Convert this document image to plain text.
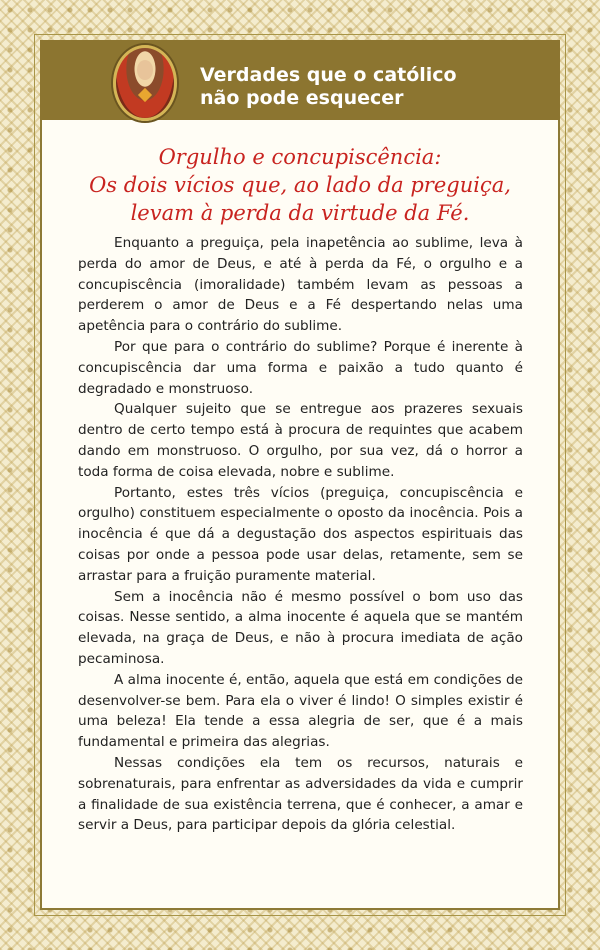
Verdades que o católico
não pode esquecer
Orgulho e concupiscência:
Os dois vícios que, ao lado da preguiça,
levam à perda da virtude da Fé.

Enquanto a preguiça, pela inapetência ao sublime, leva à perda do amor de Deus, e até à perda da Fé, o orgulho e a concupiscência (imoralidade) também levam as pessoas a perderem o amor de Deus e a Fé despertando nelas uma apetência para o contrário do sublime.

Por que para o contrário do sublime? Porque é inerente à concupiscência dar uma forma e paixão a tudo quanto é degradado e monstruoso.

Qualquer sujeito que se entregue aos prazeres sexuais dentro de certo tempo está à procura de requintes que acabem dando em monstruoso. O orgulho, por sua vez, dá o horror a toda forma de coisa elevada, nobre e sublime.

Portanto, estes três vícios (preguiça, concupiscência e orgulho) constituem especialmente o oposto da inocência. Pois a inocência é que dá a degustação dos aspectos espirituais das coisas por onde a pessoa pode usar delas, retamente, sem se arrastar para a fruição puramente material.

Sem a inocência não é mesmo possível o bom uso das coisas. Nesse sentido, a alma inocente é aquela que se mantém elevada, na graça de Deus, e não à procura imediata de ação pecaminosa.

A alma inocente é, então, aquela que está em condições de desenvolver-se bem. Para ela o viver é lindo! O simples existir é uma beleza! Ela tende a essa alegria de ser, que é a mais fundamental e primeira das alegrias.

Nessas condições ela tem os recursos, naturais e sobrenaturais, para enfrentar as adversidades da vida e cumprir a finalidade de sua existência terrena, que é conhecer, a amar e servir a Deus, para participar depois da glória celestial.
